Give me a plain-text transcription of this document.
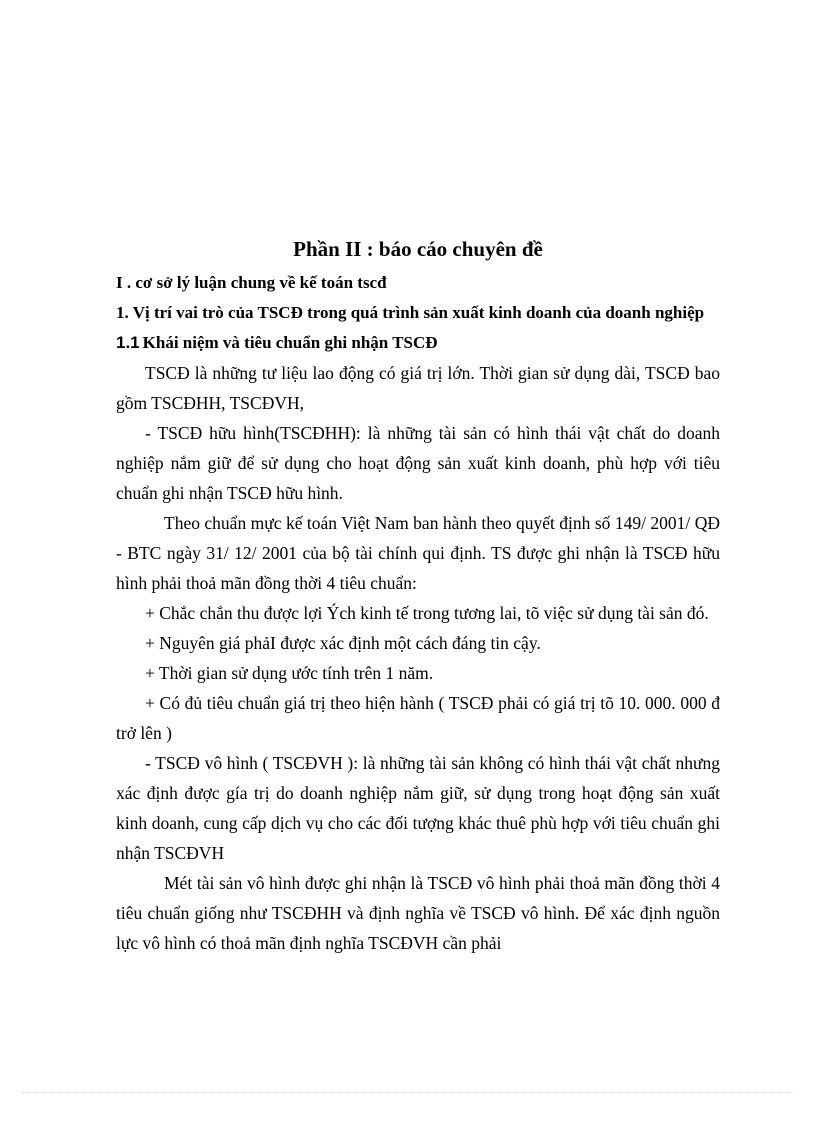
Phần II : báo cáo chuyên đề

I . cơ sở lý luận chung về kế toán tscđ

1. Vị trí vai trò của TSCĐ trong quá trình sản xuất kinh doanh của doanh nghiệp

1.1 Khái niệm và tiêu chuẩn ghi nhận TSCĐ

TSCĐ là những tư liệu lao động có giá trị lớn. Thời gian sử dụng dài, TSCĐ bao gồm TSCĐHH, TSCĐVH,

- TSCĐ hữu hình(TSCĐHH): là những tài sản có hình thái vật chất do doanh nghiệp nắm giữ để sử dụng cho hoạt động sản xuất kinh doanh, phù hợp với tiêu chuẩn ghi nhận TSCĐ hữu hình.

Theo chuẩn mực kế toán Việt Nam ban hành theo quyết định số 149/ 2001/ QĐ - BTC ngày 31/ 12/ 2001 của bộ tài chính qui định. TS được ghi nhận là TSCĐ hữu hình phải thoả mãn đồng thời 4 tiêu chuẩn:

+ Chắc chắn thu được lợi Ých kinh tế trong tương lai, tõ việc sử dụng tài sản đó.

+ Nguyên giá phảI được xác định một cách đáng tin cậy.

+ Thời gian sử dụng ước tính trên 1 năm.

+ Có đủ tiêu chuẩn giá trị theo hiện hành ( TSCĐ phải có giá trị tõ 10. 000. 000 đ trở lên )

- TSCĐ vô hình ( TSCĐVH ): là những tài sản không có hình thái vật chất nhưng xác định được gía trị do doanh nghiệp nắm giữ, sử dụng trong hoạt động sản xuất kinh doanh, cung cấp dịch vụ cho các đối tượng khác thuê phù hợp với tiêu chuẩn ghi nhận TSCĐVH

Mét tài sản vô hình được ghi nhận là TSCĐ vô hình phải thoả mãn đồng thời 4 tiêu chuẩn giống như TSCĐHH và định nghĩa về TSCĐ vô hình. Để xác định nguồn lực vô hình có thoả mãn định nghĩa TSCĐVH cần phải
